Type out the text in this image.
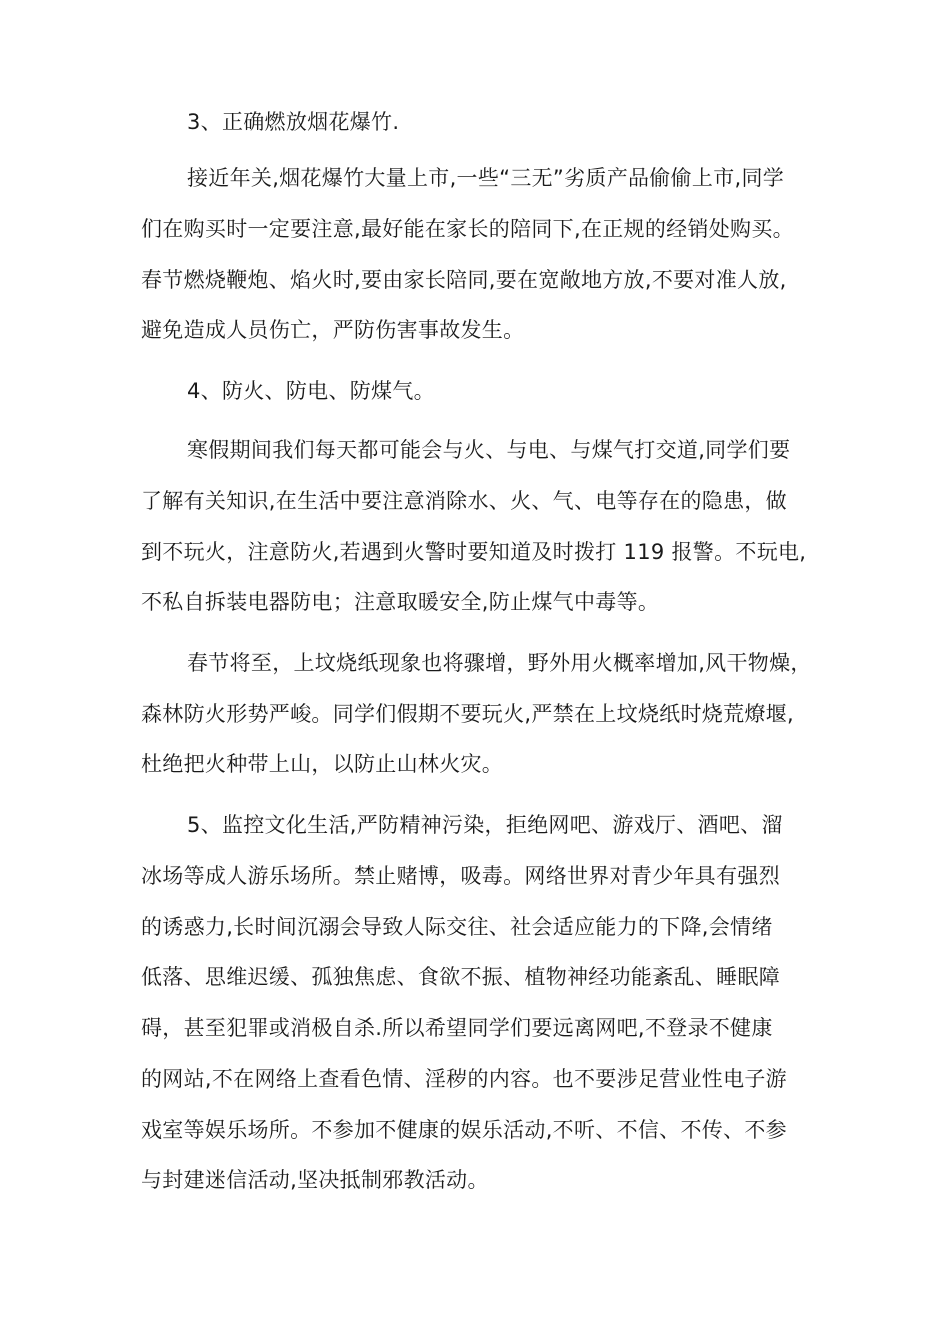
3、正确燃放烟花爆竹.
接近年关,烟花爆竹大量上市,一些“三无”劣质产品偷偷上市,同学
们在购买时一定要注意,最好能在家长的陪同下,在正规的经销处购买。
春节燃烧鞭炮、焰火时,要由家长陪同,要在宽敞地方放,不要对准人放,
避免造成人员伤亡，严防伤害事故发生。
4、防火、防电、防煤气。
寒假期间我们每天都可能会与火、与电、与煤气打交道,同学们要
了解有关知识,在生活中要注意消除水、火、气、电等存在的隐患，做
到不玩火，注意防火,若遇到火警时要知道及时拨打 119 报警。不玩电,
不私自拆装电器防电；注意取暖安全,防止煤气中毒等。
春节将至，上坟烧纸现象也将骤增，野外用火概率增加,风干物燥，
森林防火形势严峻。同学们假期不要玩火,严禁在上坟烧纸时烧荒燎堰,
杜绝把火种带上山，以防止山林火灾。
5、监控文化生活,严防精神污染，拒绝网吧、游戏厅、酒吧、溜
冰场等成人游乐场所。禁止赌博，吸毒。网络世界对青少年具有强烈
的诱惑力,长时间沉溺会导致人际交往、社会适应能力的下降,会情绪
低落、思维迟缓、孤独焦虑、食欲不振、植物神经功能紊乱、睡眠障
碍，甚至犯罪或消极自杀.所以希望同学们要远离网吧,不登录不健康
的网站,不在网络上查看色情、淫秽的内容。也不要涉足营业性电子游
戏室等娱乐场所。不参加不健康的娱乐活动,不听、不信、不传、不参
与封建迷信活动,坚决抵制邪教活动。
